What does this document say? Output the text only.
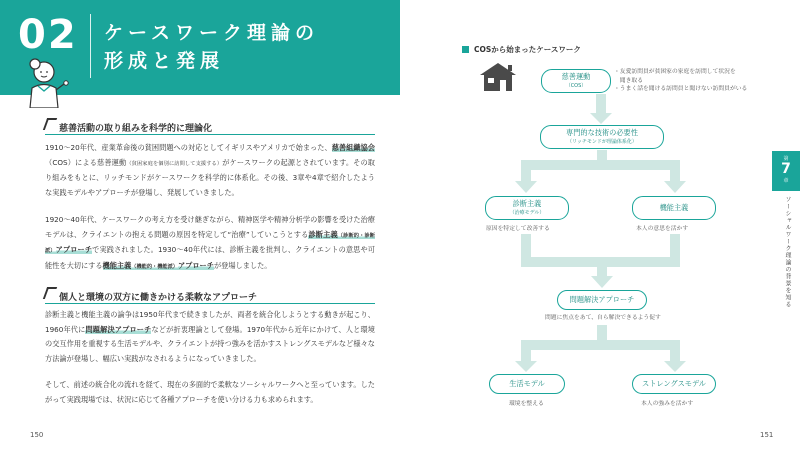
02 ケースワーク理論の
形成と発展
慈善活動の取り組みを科学的に理論化

1910～20年代、産業革命後の貧困問題への対応としてイギリスやアメリカで始まった、慈善組織協会（COS）による慈善運動（貧困家庭を個別に訪問して支援する）がケースワークの起源とされています。その取り組みをもとに、リッチモンドがケースワークを科学的に体系化。その後、3章や4章で紹介したような実践モデルやアプローチが登場し、発展していきました。

1920～40年代、ケースワークの考え方を受け継ぎながら、精神医学や精神分析学の影響を受けた治療モデルは、クライエントの抱える問題の原因を特定して“治療”していこうとする診断主義（診断的・診断派）アプローチで実践されました。1930～40年代には、診断主義を批判し、クライエントの意思や可能性を大切にする機能主義（機能的・機能派）アプローチが登場しました。

個人と環境の双方に働きかける柔軟なアプローチ

診断主義と機能主義の論争は1950年代まで続きましたが、両者を統合化しようとする動きが起こり、1960年代に問題解決アプローチなどが折衷理論として登場。1970年代から近年にかけて、人と環境の交互作用を重視する生活モデルや、クライエントが持つ強みを活かすストレングスモデルなど様々な方法論が登場し、幅広い実践がなされるようになっていきました。

そして、前述の統合化の流れを経て、現在の多面的で柔軟なソーシャルワークへと至っています。したがって実践現場では、状況に応じて各種アプローチを使い分ける力も求められます。

150
COSから始まったケースワーク
慈善運動
（COS）
・友愛訪問員が貧困家の家庭を訪問して状況を
　聞き取る
・うまく話を聞ける訪問員と聞けない訪問員がいる
専門的な技術の必要性
（リッチモンドが理論体系化）
診断主義
（治療モデル）
原因を特定して改善する
機能主義
本人の意思を活かす
問題解決アプローチ
問題に焦点をあて、自ら解決できるよう促す
生活モデル
環境を整える
ストレングスモデル
本人の強みを活かす
第
7
章
ソーシャルワーク理論の背景を知る
151
